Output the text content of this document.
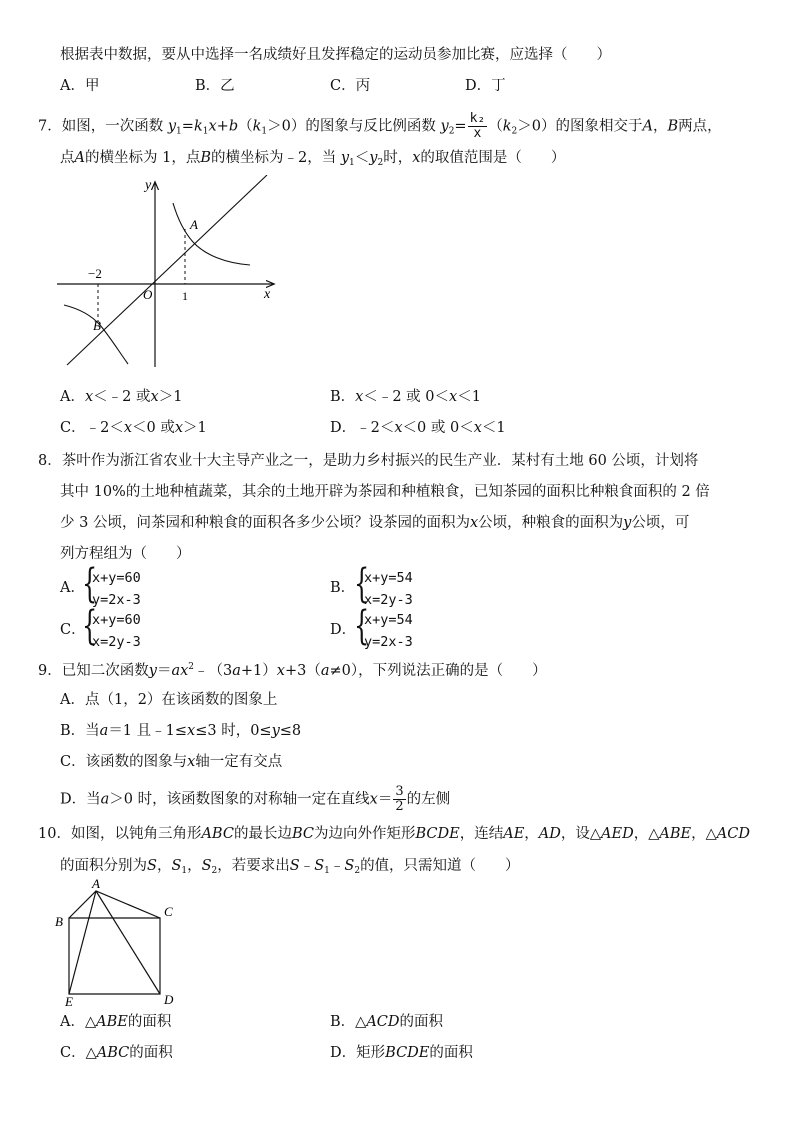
根据表中数据，要从中选择一名成绩好且发挥稳定的运动员参加比赛，应选择（　　）
A．甲	B．乙	C．丙	D．丁
7．如图，一次函数 $y_1=k_1x+b(k_1>0)$的图象与反比例函数 $y_2= \frac{\text{k₂}}{x} (k_2>0)$的图象相交于A，B两点，
点A的横坐标为 1，点B的横坐标为﹣2，当 $y_1<y_2$时，x的取值范围是（　　）
y
x
O 1
−2
A
B
A．x＜﹣2 或x＞1	B．x＜﹣2 或 0＜x＜1
C．﹣2＜x＜0 或x＞1	D．﹣2＜x＜0 或 0＜x＜1
8．茶叶作为浙江省农业十大主导产业之一，是助力乡村振兴的民生产业．某村有土地 60 公顷，计划将
其中 10%的土地种植蔬菜，其余的土地开辟为茶园和种植粮食，已知茶园的面积比种粮食面积的 2 倍
少 3 公顷，问茶园和种粮食的面积各多少公顷？设茶园的面积为x公顷，种粮食的面积为y公顷，可
列方程组为（　　）
A．
{
x+y=60
y=2x-3
B．
{
x+y=54
x=2y-3
C．
{
x+y=60
x=2y-3
D．
{
x+y=54
y=2x-3
9．已知二次函数$y=ax^2﹣(3a+1)x+3(a\ne 0)$，下列说法正确的是（　　）
A．点（1，2）在该函数的图象上
B．当a＝1 且﹣1≤x≤3 时，0≤y≤8
C．该函数的图象与x轴一定有交点
D．当a＞0 时，该函数图象的对称轴一定在直线$x= \frac{3}{2}$ 的左侧
10．如图，以钝角三角形ABC的最长边BC为边向外作矩形BCDE，连结AE，AD，设△AED，△ABE，△ACD
的面积分别为S，$S_1$，$S_2$，若要求出$S﹣S_1﹣S_2$的值，只需知道（　　）
A
B
C
D
E
A．△ABE的面积	B．△ACD的面积
C．△ABC的面积	D．矩形BCDE的面积
